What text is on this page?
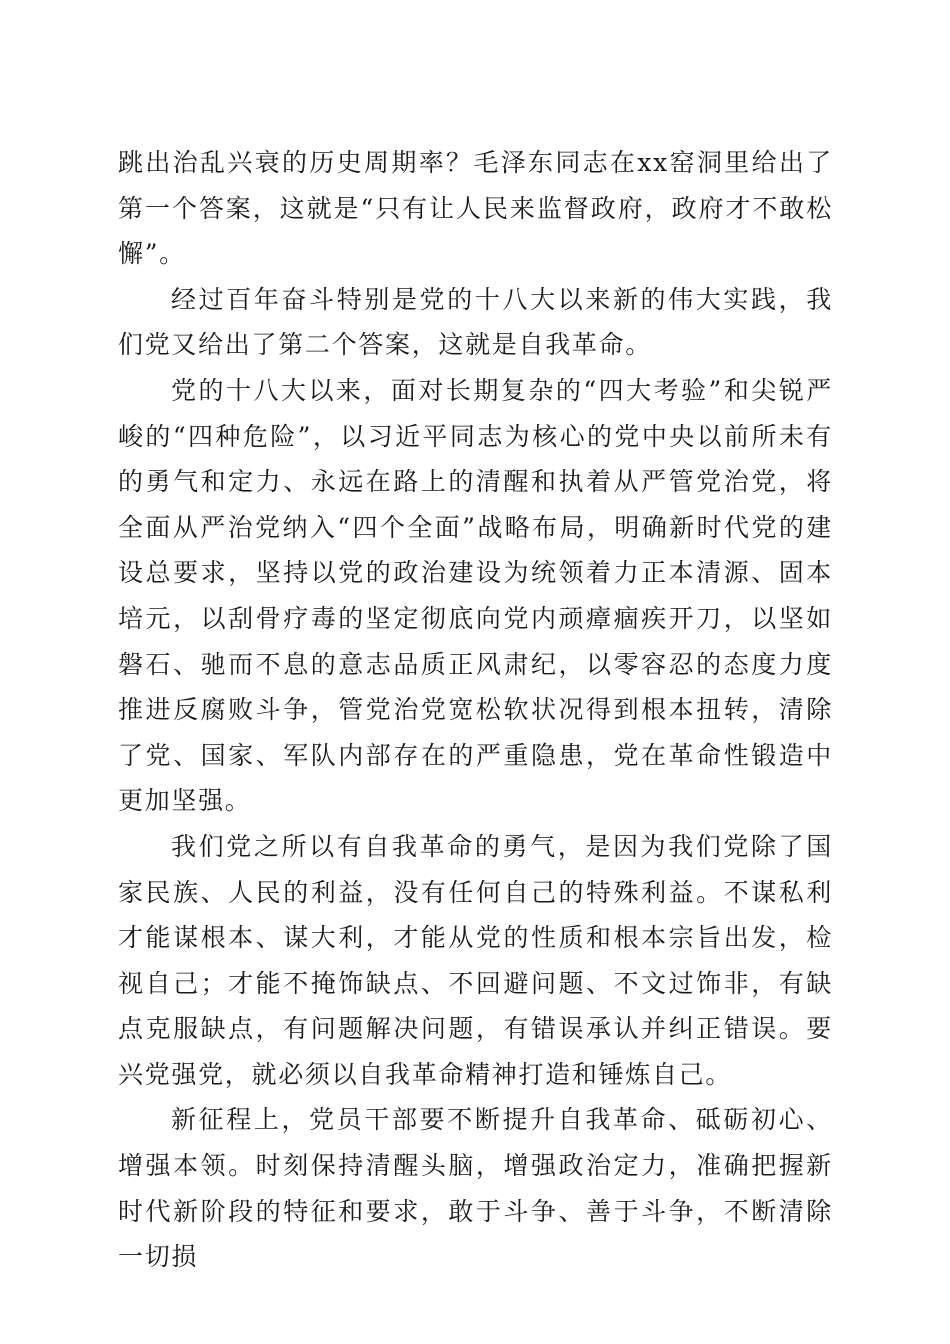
跳出治乱兴衰的历史周期率？毛泽东同志在xx窑洞里给出了第一个答案，这就是“只有让人民来监督政府，政府才不敢松懈”。

经过百年奋斗特别是党的十八大以来新的伟大实践，我们党又给出了第二个答案，这就是自我革命。

党的十八大以来，面对长期复杂的“四大考验”和尖锐严峻的“四种危险”，以习近平同志为核心的党中央以前所未有的勇气和定力、永远在路上的清醒和执着从严管党治党，将全面从严治党纳入“四个全面”战略布局，明确新时代党的建设总要求，坚持以党的政治建设为统领着力正本清源、固本培元，以刮骨疗毒的坚定彻底向党内顽瘴痼疾开刀，以坚如磐石、驰而不息的意志品质正风肃纪，以零容忍的态度力度推进反腐败斗争，管党治党宽松软状况得到根本扭转，清除了党、国家、军队内部存在的严重隐患，党在革命性锻造中更加坚强。

我们党之所以有自我革命的勇气，是因为我们党除了国家民族、人民的利益，没有任何自己的特殊利益。不谋私利才能谋根本、谋大利，才能从党的性质和根本宗旨出发，检视自己；才能不掩饰缺点、不回避问题、不文过饰非，有缺点克服缺点，有问题解决问题，有错误承认并纠正错误。要兴党强党，就必须以自我革命精神打造和锤炼自己。

新征程上，党员干部要不断提升自我革命、砥砺初心、增强本领。时刻保持清醒头脑，增强政治定力，准确把握新时代新阶段的特征和要求，敢于斗争、善于斗争，不断清除一切损
